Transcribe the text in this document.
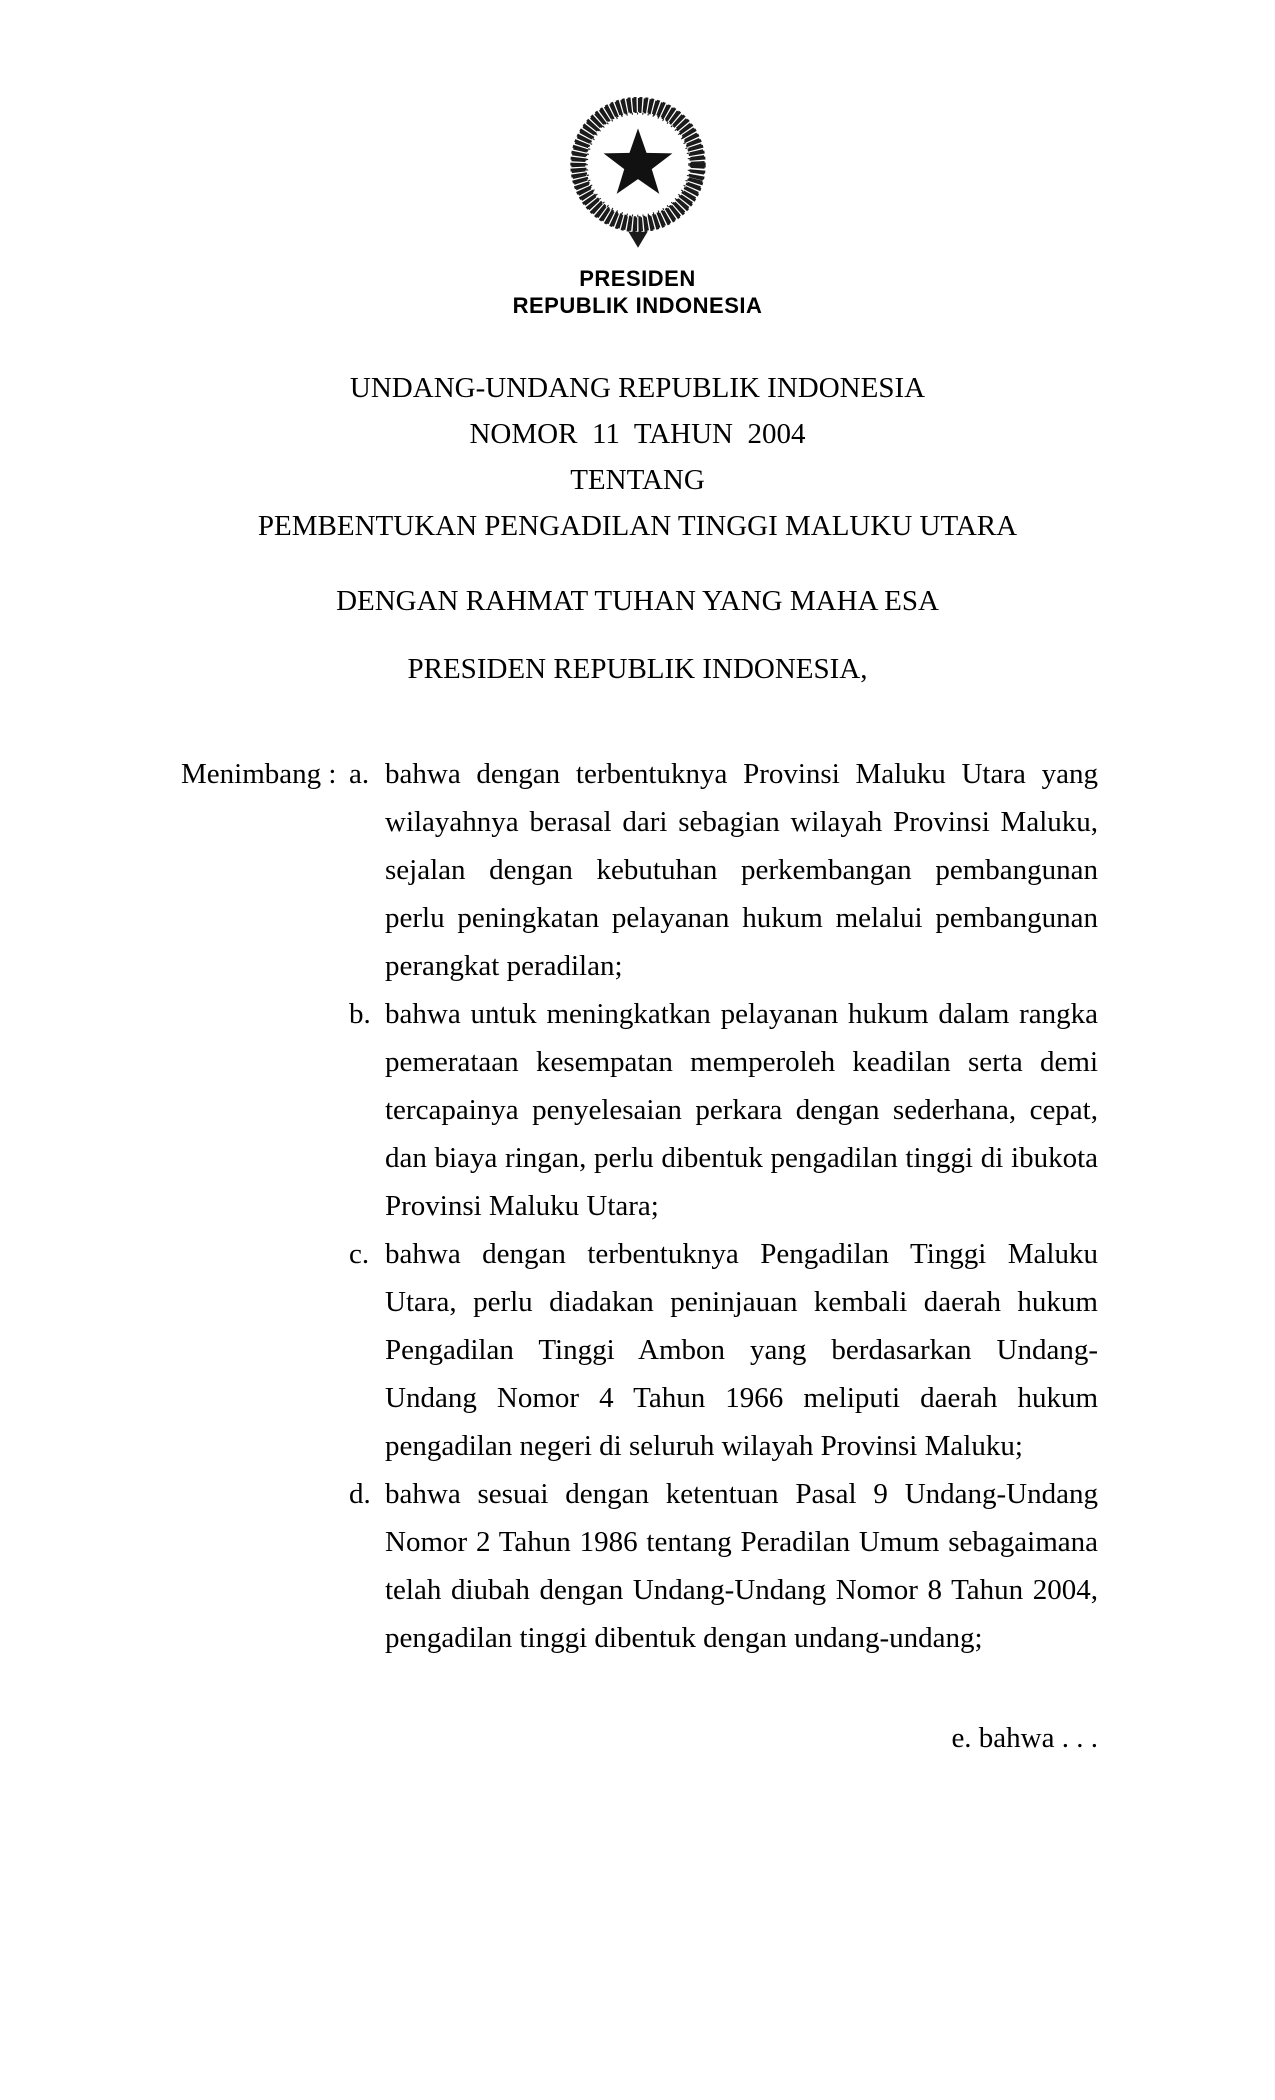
PRESIDEN
REPUBLIK INDONESIA
UNDANG-UNDANG REPUBLIK INDONESIA
NOMOR  11  TAHUN  2004
TENTANG
PEMBENTUKAN PENGADILAN TINGGI MALUKU UTARA
DENGAN RAHMAT TUHAN YANG MAHA ESA
PRESIDEN REPUBLIK INDONESIA,
Menimbang : a. bahwa dengan terbentuknya Provinsi Maluku Utara yang wilayahnya berasal dari sebagian wilayah Provinsi Maluku, sejalan dengan kebutuhan perkembangan pembangunan perlu peningkatan pelayanan hukum melalui pembangunan perangkat peradilan;

b. bahwa untuk meningkatkan pelayanan hukum dalam rangka pemerataan kesempatan memperoleh keadilan serta demi tercapainya penyelesaian perkara dengan sederhana, cepat, dan biaya ringan, perlu dibentuk pengadilan tinggi di ibukota Provinsi Maluku Utara;

c. bahwa dengan terbentuknya Pengadilan Tinggi Maluku Utara, perlu diadakan peninjauan kembali daerah hukum Pengadilan Tinggi Ambon yang berdasarkan Undang-Undang Nomor 4 Tahun 1966 meliputi daerah hukum pengadilan negeri di seluruh wilayah Provinsi Maluku;

d. bahwa sesuai dengan ketentuan Pasal 9 Undang-Undang Nomor 2 Tahun 1986 tentang Peradilan Umum sebagaimana telah diubah dengan Undang-Undang Nomor 8 Tahun 2004, pengadilan tinggi dibentuk dengan undang-undang;

e. bahwa . . .
